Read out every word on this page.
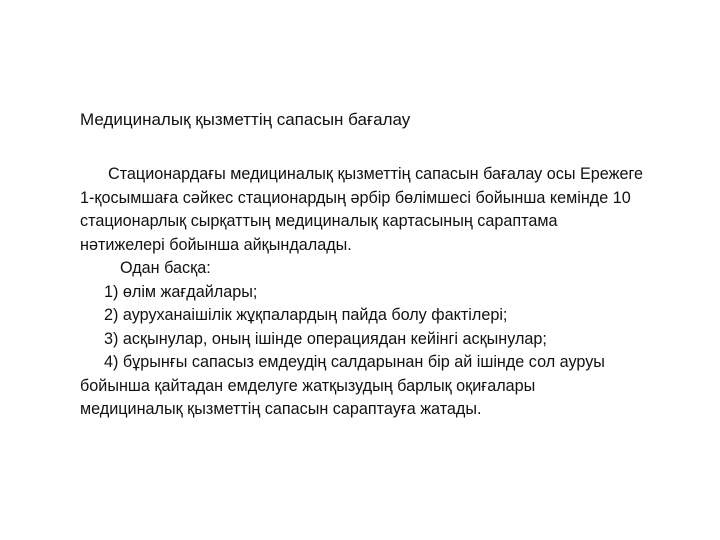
Медициналық қызметтің сапасын бағалау
Стационардағы медициналық қызметтің сапасын бағалау осы Ережеге
1-қосымшаға сәйкес стационардың әрбір бөлімшесі бойынша кемінде 10
стационарлық сырқаттың медициналық картасының сараптама
нәтижелері бойынша айқындалады.
Одан басқа:
1) өлім жағдайлары;
2) ауруханаішілік жұқпалардың пайда болу фактілері;
3) асқынулар, оның ішінде операциядан кейінгі асқынулар;
4) бұрынғы сапасыз емдеудің салдарынан бір ай ішінде сол ауруы
бойынша қайтадан емделуге жатқызудың барлық оқиғалары
медициналық қызметтің сапасын сараптауға жатады.
